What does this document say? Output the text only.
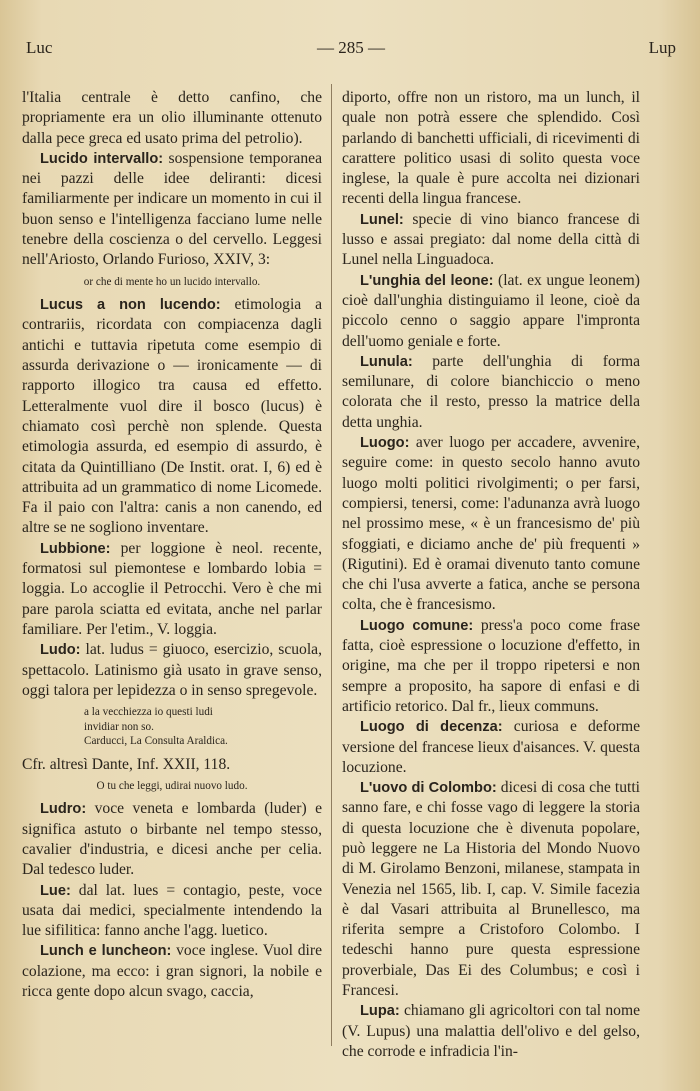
Luc	— 285 —	Lup

l'Italia centrale è detto canfino, che propriamente era un olio illuminante ottenuto dalla pece greca ed usato prima del petrolio).

Lucido intervallo: sospensione temporanea nei pazzi delle idee deliranti: dicesi familiarmente per indicare un momento in cui il buon senso e l'intelligenza facciano lume nelle tenebre della coscienza o del cervello. Leggesi nell'Ariosto, Orlando Furioso, XXIV, 3:

or che di mente ho un lucido intervallo.

Lucus a non lucendo: etimologia a contrariis, ricordata con compiacenza dagli antichi e tuttavia ripetuta come esempio di assurda derivazione o — ironicamente — di rapporto illogico tra causa ed effetto. Letteralmente vuol dire il bosco (lucus) è chiamato così perchè non splende. Questa etimologia assurda, ed esempio di assurdo, è citata da Quintilliano (De Instit. orat. I, 6) ed è attribuita ad un grammatico di nome Licomede. Fa il paio con l'altra: canis a non canendo, ed altre se ne sogliono inventare.

Lubbione: per loggione è neol. recente, formatosi sul piemontese e lombardo lobia = loggia. Lo accoglie il Petrocchi. Vero è che mi pare parola sciatta ed evitata, anche nel parlar familiare. Per l'etim., V. loggia.

Ludo: lat. ludus = giuoco, esercizio, scuola, spettacolo. Latinismo già usato in grave senso, oggi talora per lepidezza o in senso spregevole.

a la vecchiezza io questi ludi
invidiar non so.
Carducci, La Consulta Araldica.

Cfr. altresì Dante, Inf. XXII, 118.

O tu che leggi, udirai nuovo ludo.

Ludro: voce veneta e lombarda (luder) e significa astuto o birbante nel tempo stesso, cavalier d'industria, e dicesi anche per celia. Dal tedesco luder.

Lue: dal lat. lues = contagio, peste, voce usata dai medici, specialmente intendendo la lue sifilitica: fanno anche l'agg. luetico.

Lunch e luncheon: voce inglese. Vuol dire colazione, ma ecco: i gran signori, la nobile e ricca gente dopo alcun svago, caccia,

diporto, offre non un ristoro, ma un lunch, il quale non potrà essere che splendido. Così parlando di banchetti ufficiali, di ricevimenti di carattere politico usasi di solito questa voce inglese, la quale è pure accolta nei dizionari recenti della lingua francese.

Lunel: specie di vino bianco francese di lusso e assai pregiato: dal nome della città di Lunel nella Linguadoca.

L'unghia del leone: (lat. ex ungue leonem) cioè dall'unghia distinguiamo il leone, cioè da piccolo cenno o saggio appare l'impronta dell'uomo geniale e forte.

Lunula: parte dell'unghia di forma semilunare, di colore bianchiccio o meno colorata che il resto, presso la matrice della detta unghia.

Luogo: aver luogo per accadere, avvenire, seguire come: in questo secolo hanno avuto luogo molti politici rivolgimenti; o per farsi, compiersi, tenersi, come: l'adunanza avrà luogo nel prossimo mese, « è un francesismo de' più sfoggiati, e diciamo anche de' più frequenti » (Rigutini). Ed è oramai divenuto tanto comune che chi l'usa avverte a fatica, anche se persona colta, che è francesismo.

Luogo comune: press'a poco come frase fatta, cioè espressione o locuzione d'effetto, in origine, ma che per il troppo ripetersi e non sempre a proposito, ha sapore di enfasi e di artificio retorico. Dal fr., lieux communs.

Luogo di decenza: curiosa e deforme versione del francese lieux d'aisances. V. questa locuzione.

L'uovo di Colombo: dicesi di cosa che tutti sanno fare, e chi fosse vago di leggere la storia di questa locuzione che è divenuta popolare, può leggere ne La Historia del Mondo Nuovo di M. Girolamo Benzoni, milanese, stampata in Venezia nel 1565, lib. I, cap. V. Simile facezia è dal Vasari attribuita al Brunellesco, ma riferita sempre a Cristoforo Colombo. I tedeschi hanno pure questa espressione proverbiale, Das Ei des Columbus; e così i Francesi.

Lupa: chiamano gli agricoltori con tal nome (V. Lupus) una malattia dell'olivo e del gelso, che corrode e infradicia l'in-
